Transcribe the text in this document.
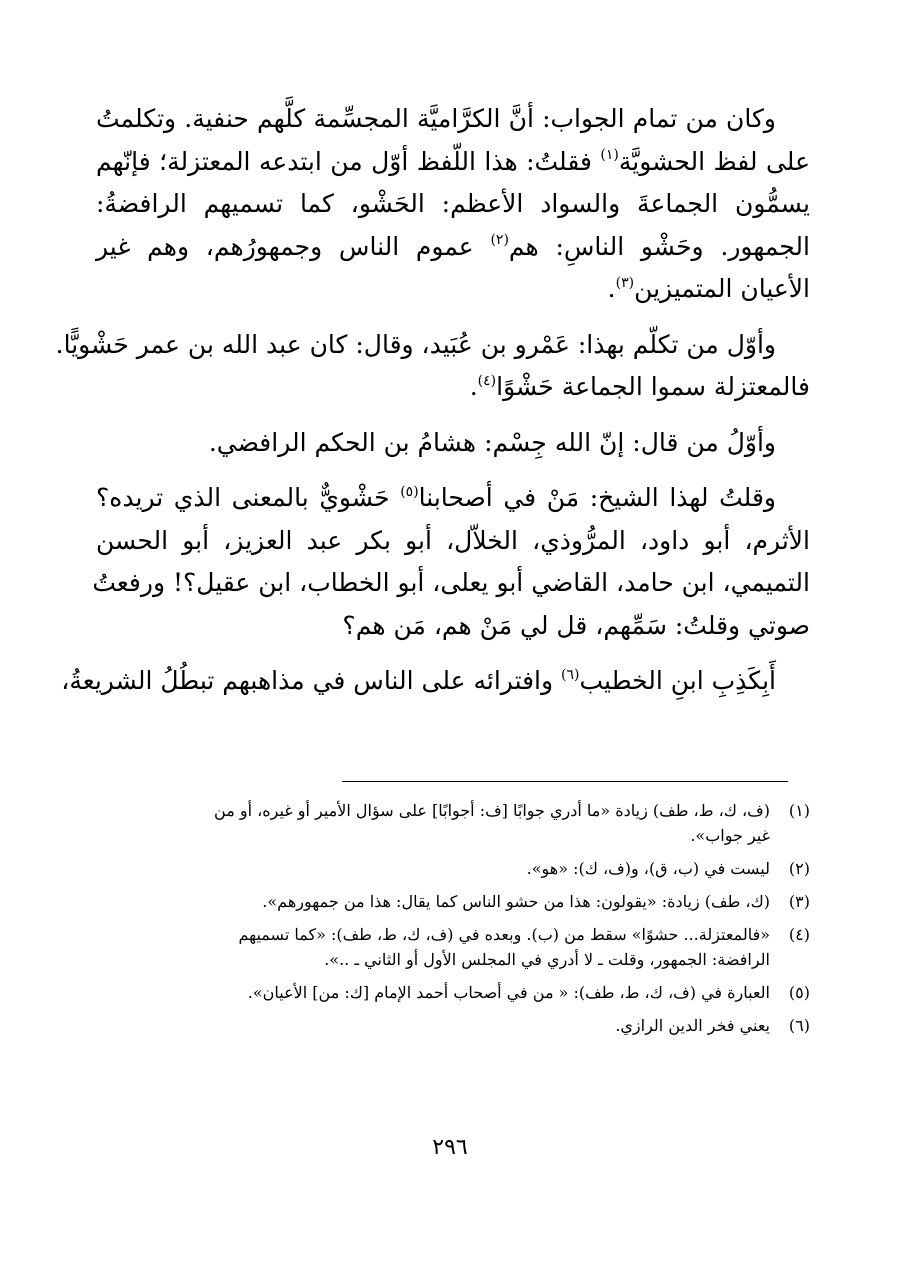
وكان من تمام الجواب: أنَّ الكرَّاميَّة المجسِّمة كلَّهم حنفية. وتكلمتُ
على لفظ الحشويَّة$^{(١)}$ فقلتُ: هذا اللّفظ أوّل من ابتدعه المعتزلة؛ فإنّهم
يسمُّون الجماعةَ والسواد الأعظم: الحَشْو، كما تسميهم الرافضةُ:
الجمهور. وحَشْو الناسِ: هم$^{(٢)}$ عموم الناس وجمهورُهم، وهم غير
الأعيان المتميزين$^{(٣)}$.
وأوّل من تكلّم بهذا: عَمْرو بن عُبَيد، وقال: كان عبد الله بن عمر حَشْويًّا.
فالمعتزلة سموا الجماعة حَشْوًا$^{(٤)}$.
وأوّلُ من قال: إنّ الله جِسْم: هشامُ بن الحكم الرافضي.
وقلتُ لهذا الشيخ: مَنْ في أصحابنا$^{(٥)}$ حَشْويٌّ بالمعنى الذي تريده؟
الأثرم، أبو داود، المرُّوذي، الخلاّل، أبو بكر عبد العزيز، أبو الحسن
التميمي، ابن حامد، القاضي أبو يعلى، أبو الخطاب، ابن عقيل؟! ورفعتُ
صوتي وقلتُ: سَمِّهم، قل لي مَنْ هم، مَن هم؟
أَبِكَذِبِ ابنِ الخطيب$^{(٦)}$ وافترائه على الناس في مذاهبهم تبطُلُ الشريعةُ،
(١)
(ف، ك، ط، طف) زيادة «ما أدري جوابًا [ف: أجوابًا] على سؤال الأمير أو غيره، أو من
غير جواب».
(٢)
ليست في (ب، ق)، و(ف، ك): «هو».
(٣)
(ك، طف) زيادة: «يقولون: هذا من حشو الناس كما يقال: هذا من جمهورهم».
(٤)
«فالمعتزلة... حشوًا» سقط من (ب). وبعده في (ف، ك، ط، طف): «كما تسميهم
الرافضة: الجمهور، وقلت ـ لا أدري في المجلس الأول أو الثاني ـ ..».
(٥)
العبارة في (ف، ك، ط، طف): « من في أصحاب أحمد الإمام [ك: من] الأعيان».
(٦)
يعني فخر الدين الرازي.
٢٩٦
